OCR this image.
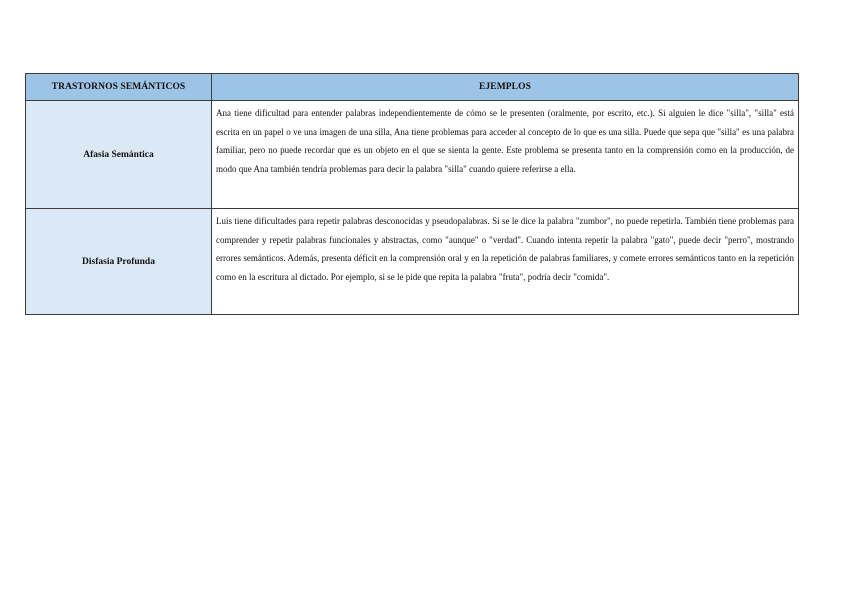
TRASTORNOS SEMÁNTICOS	EJEMPLOS
Afasia Semántica	Ana tiene dificultad para entender palabras independientemente de cómo se le presenten (oralmente, por escrito, etc.). Si alguien le dice "silla", "silla" está escrita en un papel o ve una imagen de una silla, Ana tiene problemas para acceder al concepto de lo que es una silla. Puede que sepa que "silla" es una palabra familiar, pero no puede recordar que es un objeto en el que se sienta la gente. Este problema se presenta tanto en la comprensión como en la producción, de modo que Ana también tendría problemas para decir la palabra "silla" cuando quiere referirse a ella.
Disfasia Profunda	Luis tiene dificultades para repetir palabras desconocidas y pseudopalabras. Si se le dice la palabra "zumbor", no puede repetirla. También tiene problemas para comprender y repetir palabras funcionales y abstractas, como "aunque" o "verdad". Cuando intenta repetir la palabra "gato", puede decir "perro", mostrando errores semánticos. Además, presenta déficit en la comprensión oral y en la repetición de palabras familiares, y comete errores semánticos tanto en la repetición como en la escritura al dictado. Por ejemplo, si se le pide que repita la palabra "fruta", podría decir "comida".
